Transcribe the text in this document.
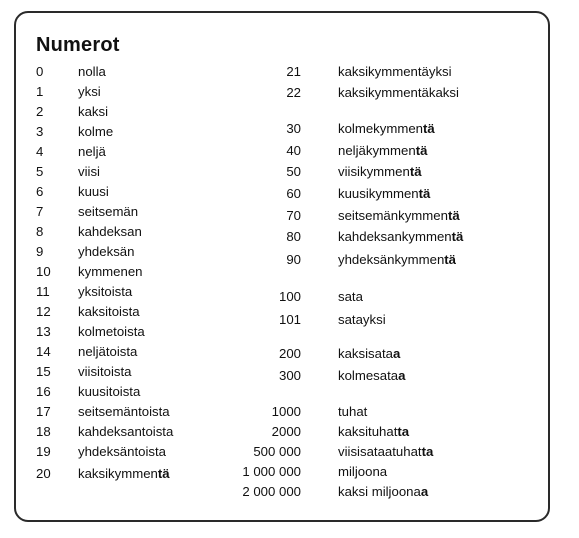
Numerot
0	nolla
1	yksi
2	kaksi
3	kolme
4	neljä
5	viisi
6	kuusi
7	seitsemän
8	kahdeksan
9	yhdeksän
10 kymmenen
11 yksitoista
12 kaksitoista
13 kolmetoista
14 neljätoista
15 viisitoista
16 kuusitoista
17 seitsemäntoista
18 kahdeksantoista
19 yhdeksäntoista
20 kaksikymmentä
21	kaksikymmentäyksi
22	kaksikymmentäkaksi
30	kolmekymmentä
40	neljäkymmentä
50	viisikymmentä
60	kuusikymmentä
70	seitsemänkymmentä
80	kahdeksankymmentä
90	yhdeksänkymmentä
100	sata
101	satayksi
200	kaksisataa
300	kolmesataa
1000	tuhat
2000	kaksituhatta
500 000	viisisataatuhatta
1 000 000	miljoona
2 000 000	kaksi miljoonaa
